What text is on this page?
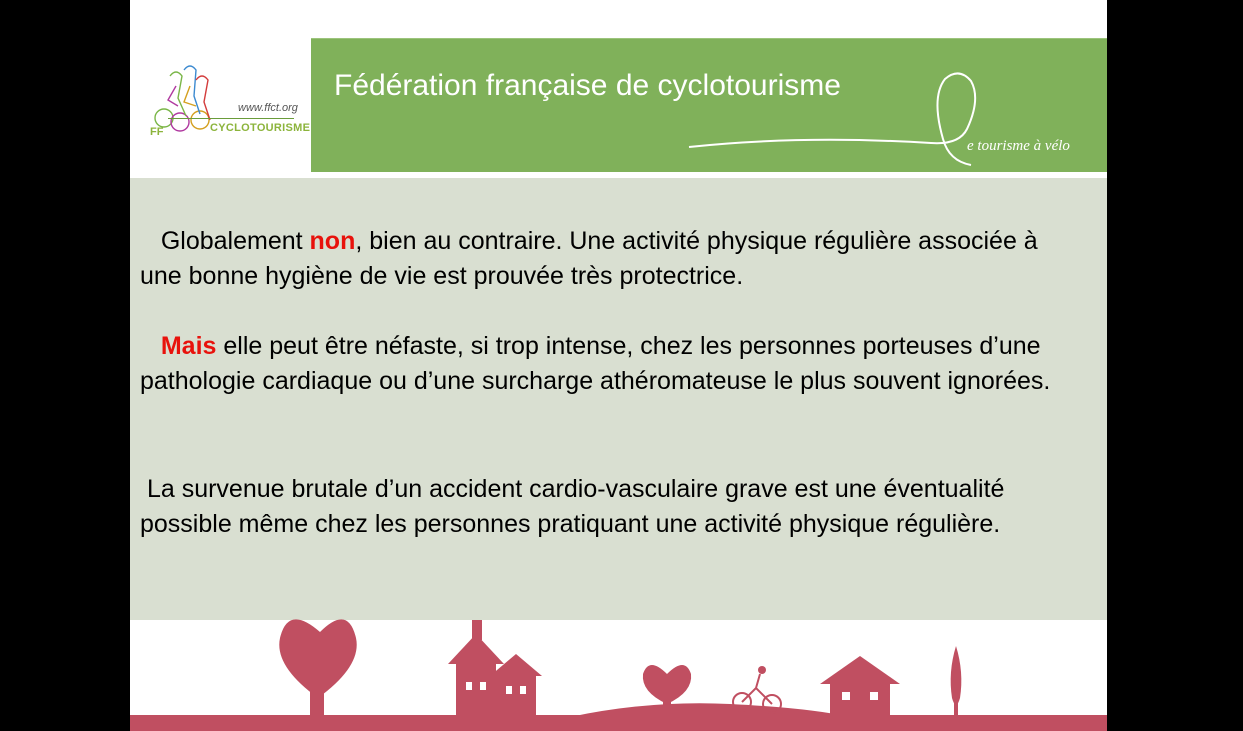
www.ffct.org
FF	CYCLOTOURISME
Fédération française de cyclotourisme
e tourisme à vélo

Globalement non, bien au contraire. Une activité physique régulière associée à une bonne hygiène de vie est prouvée très protectrice.

Mais elle peut être néfaste, si trop intense, chez les personnes porteuses d’une pathologie cardiaque ou d’une surcharge athéromateuse le plus souvent ignorées.

La survenue brutale d’un accident cardio-vasculaire grave est une éventualité possible même chez les personnes pratiquant une activité physique régulière.
